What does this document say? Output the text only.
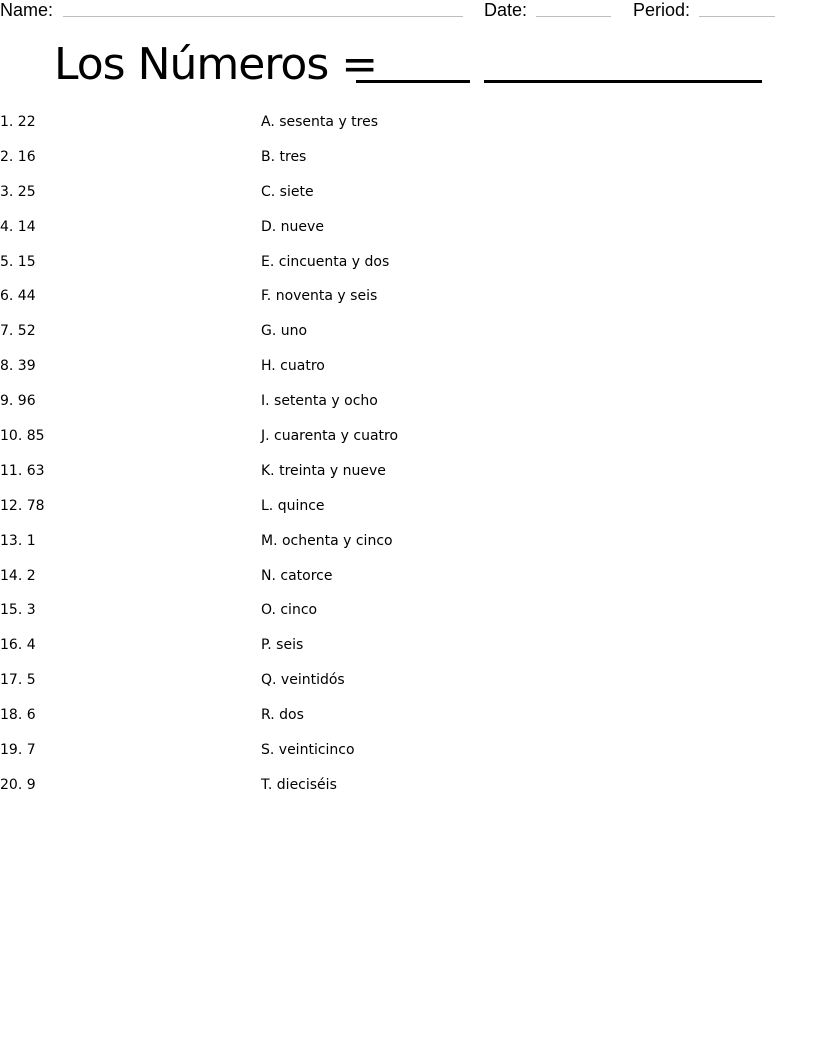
Name:	Date:	Period:
Los Números =
1. 22	A. sesenta y tres
2. 16	B. tres
3. 25	C. siete
4. 14	D. nueve
5. 15	E. cincuenta y dos
6. 44	F. noventa y seis
7. 52	G. uno
8. 39	H. cuatro
9. 96	I. setenta y ocho
10. 85	J. cuarenta y cuatro
11. 63	K. treinta y nueve
12. 78	L. quince
13. 1	M. ochenta y cinco
14. 2	N. catorce
15. 3	O. cinco
16. 4	P. seis
17. 5	Q. veintidós
18. 6	R. dos
19. 7	S. veinticinco
20. 9	T. dieciséis
